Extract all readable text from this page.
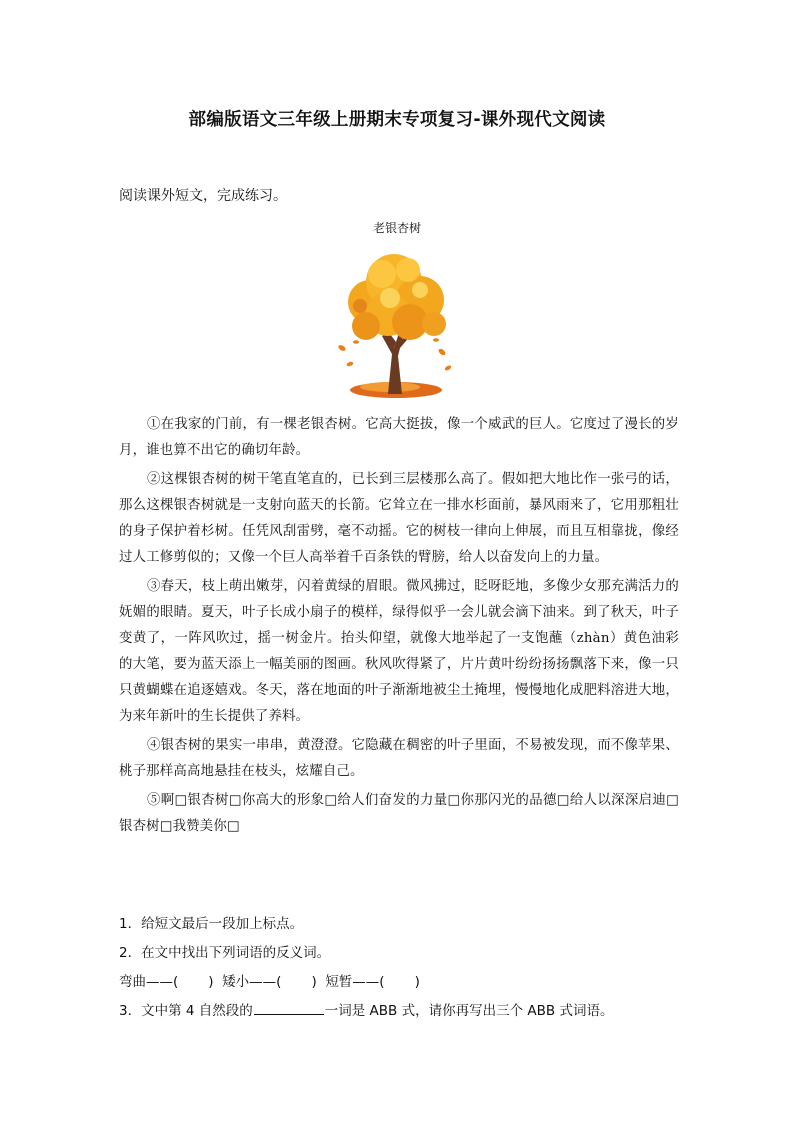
部编版语文三年级上册期末专项复习-课外现代文阅读
阅读课外短文，完成练习。
老银杏树

①在我家的门前，有一棵老银杏树。它高大挺拔，像一个威武的巨人。它度过了漫长的岁月，谁也算不出它的确切年龄。

②这棵银杏树的树干笔直笔直的，已长到三层楼那么高了。假如把大地比作一张弓的话，那么这棵银杏树就是一支射向蓝天的长箭。它耸立在一排水杉面前，暴风雨来了，它用那粗壮的身子保护着杉树。任凭风刮雷劈，毫不动摇。它的树枝一律向上伸展，而且互相靠拢，像经过人工修剪似的；又像一个巨人高举着千百条铁的臂膀，给人以奋发向上的力量。

③春天，枝上萌出嫩芽，闪着黄绿的眉眼。微风拂过，眨呀眨地，多像少女那充满活力的妩媚的眼睛。夏天，叶子长成小扇子的模样，绿得似乎一会儿就会滴下油来。到了秋天，叶子变黄了，一阵风吹过，摇一树金片。抬头仰望，就像大地举起了一支饱蘸（zhàn）黄色油彩的大笔，要为蓝天添上一幅美丽的图画。秋风吹得紧了，片片黄叶纷纷扬扬飘落下来，像一只只黄蝴蝶在追逐嬉戏。冬天，落在地面的叶子渐渐地被尘土掩埋，慢慢地化成肥料溶进大地，为来年新叶的生长提供了养料。

④银杏树的果实一串串，黄澄澄。它隐藏在稠密的叶子里面，不易被发现，而不像苹果、桃子那样高高地悬挂在枝头，炫耀自己。

⑤啊□银杏树□你高大的形象□给人们奋发的力量□你那闪光的品德□给人以深深启迪□银杏树□我赞美你□

1．给短文最后一段加上标点。
2．在文中找出下列词语的反义词。
弯曲——( ) 矮小——( ) 短暂——( )
3．文中第 4 自然段的	一词是 ABB 式，请你再写出三个 ABB 式词语。
